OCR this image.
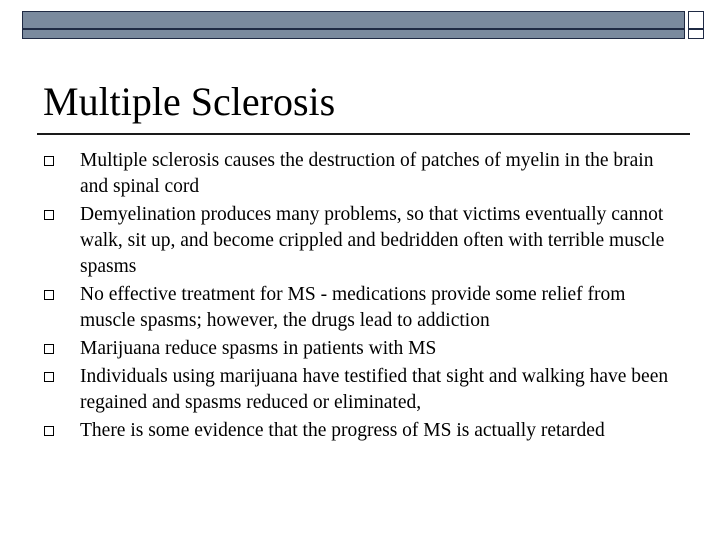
Multiple Sclerosis
Multiple sclerosis causes the destruction of patches of myelin in the brain and spinal cord
Demyelination produces many problems, so that victims eventually cannot walk, sit up, and become crippled and bedridden often with terrible muscle spasms
No effective treatment for MS - medications provide some relief from muscle spasms; however, the drugs lead to addiction
Marijuana reduce spasms in patients with MS
Individuals using marijuana have testified that sight and walking have been regained and spasms reduced or eliminated,
There is some evidence that the progress of MS is actually retarded
